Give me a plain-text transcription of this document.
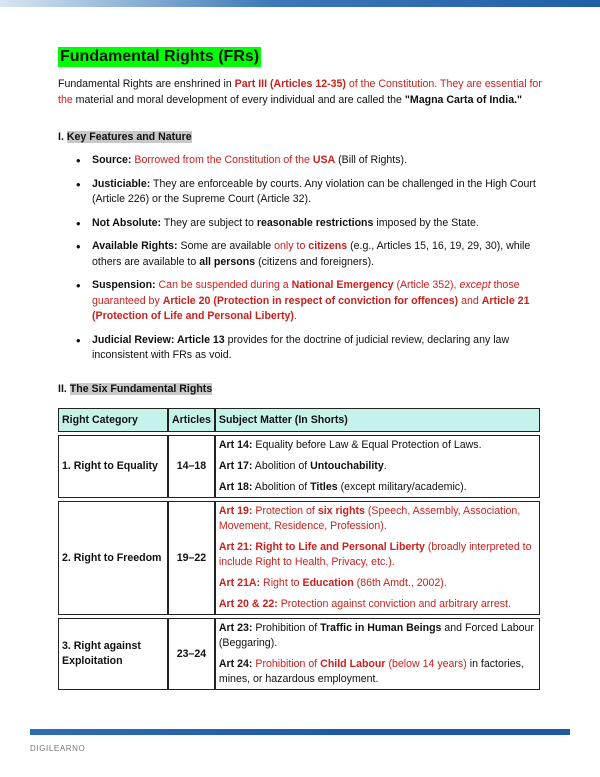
Fundamental Rights (FRs)

Fundamental Rights are enshrined in Part III (Articles 12-35) of the Constitution. They are essential for the material and moral development of every individual and are called the "Magna Carta of India."

I. Key Features and Nature

• Source: Borrowed from the Constitution of the USA (Bill of Rights).
• Justiciable: They are enforceable by courts. Any violation can be challenged in the High Court (Article 226) or the Supreme Court (Article 32).
• Not Absolute: They are subject to reasonable restrictions imposed by the State.
• Available Rights: Some are available only to citizens (e.g., Articles 15, 16, 19, 29, 30), while others are available to all persons (citizens and foreigners).
• Suspension: Can be suspended during a National Emergency (Article 352), except those guaranteed by Article 20 (Protection in respect of conviction for offences) and Article 21 (Protection of Life and Personal Liberty).
• Judicial Review: Article 13 provides for the doctrine of judicial review, declaring any law inconsistent with FRs as void.

II. The Six Fundamental Rights

Right Category	Articles	Subject Matter (In Shorts)
1. Right to Equality	14–18	Art 14: Equality before Law & Equal Protection of Laws.

Art 17: Abolition of Untouchability.

Art 18: Abolition of Titles (except military/academic).

2. Right to Freedom	19–22	Art 19: Protection of six rights (Speech, Assembly, Association, Movement, Residence, Profession).

Art 21: Right to Life and Personal Liberty (broadly interpreted to include Right to Health, Privacy, etc.).

Art 21A: Right to Education (86th Amdt., 2002).

Art 20 & 22: Protection against conviction and arbitrary arrest.

3. Right against Exploitation	23–24	Art 23: Prohibition of Traffic in Human Beings and Forced Labour (Beggaring).

Art 24: Prohibition of Child Labour (below 14 years) in factories, mines, or hazardous employment.

DIGILEARNO
